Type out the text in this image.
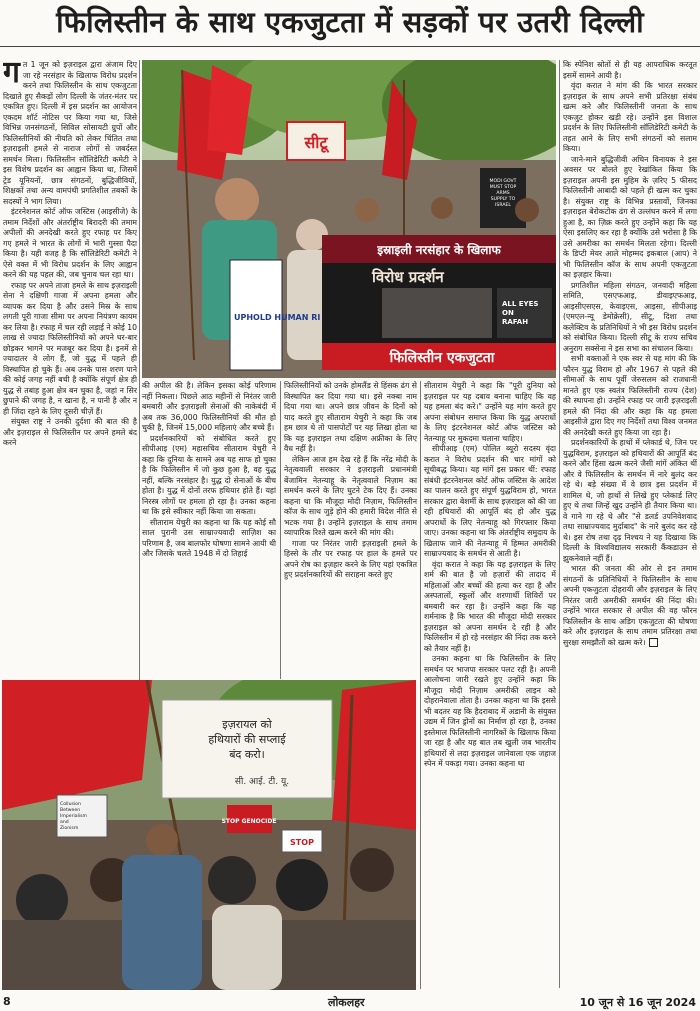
फिलिस्तीन के साथ एकजुटता में सड़कों पर उतरी दिल्ली

गत 1 जून को इज़राइल द्वारा अंजाम दिए जा रहे नरसंहार के खिलाफ विरोध प्रदर्शन करने तथा फिलिस्तीन के साथ एकजुटता दिखाते हुए सैकड़ों लोग दिल्ली के जंतर-मंतर पर एकत्रित हुए। दिल्ली में इस प्रदर्शन का आयोजन एकदम शॉर्ट नोटिस पर किया गया था, जिसे विभिन्न जनसंगठनों, सिविल सोसायटी ग्रुपों और फिलिस्तीनियों की नीयति को लेकर चिंतित तथा इज़राइली हमले से नाराज लोगों से जबर्दस्त समर्थन मिला। फिलिस्तीन सॉलिडेरिटी कमेटी ने इस विशेष प्रदर्शन का आह्वान किया था, जिसमें ट्रेड यूनियनों, छात्र संगठनों, बुद्धिजीवियों, शिक्षकों तथा अन्य वामपंथी प्रगतिशील तबकों के सदस्यों ने भाग लिया।

इंटरनेशनल कोर्ट ऑफ जस्टिस (आइसीजे) के तमाम निर्देशों और अंतर्राष्ट्रीय बिरादरी की तमाम अपीलों की अनदेखी करते हुए रफाह पर किए गए हमले ने भारत के लोगों में भारी गुस्सा पैदा किया है। यही वजह है कि सॉलिडेरिटी कमेटी ने ऐसे वक्त में भी विरोध प्रदर्शन के लिए आह्वान करने की यह पहल की, जब चुनाव चल रहा था।

रफाह पर अपने ताजा हमले के साथ इज़राइली सेना ने दक्षिणी गाजा में अपना हमला और व्यापक कर दिया है और उसने मिस्र के साथ लगती पूरी गाजा सीमा पर अपना नियंत्रण कायम कर लिया है। रफाह में चल रही लड़ाई ने कोई 10 लाख से ज्यादा फिलिस्तीनियों को अपने घर-बार छोड़कर भागने पर मजबूर कर दिया है। इनमें से ज्यादातर वे लोग हैं, जो युद्ध में पहले ही विस्थापित हो चुके हैं। अब उनके पास शरण पाने की कोई जगह नहीं बची है क्योंकि संपूर्ण क्षेत्र ही युद्ध से तबाह हुआ क्षेत्र बन चुका है, जहां न सिर छुपाने की जगह है, न खाना है, न पानी है और न ही जिंदा रहने के लिए दूसरी चीज़ें हैं।

संयुक्त राष्ट्र ने उनकी दुर्दशा की बात की है और इज़राइल से फिलिस्तीन पर अपने हमले बंद करने

सीटू
MODI GOVT MUST STOP ARMS SUPPLY TO ISRAEL
UPHOLD HUMAN RI
इस्राइली नरसंहार के खिलाफ
विरोध प्रदर्शन
ALL EYES ON RAFAH
फिलिस्तीन एकजुटता

की अपील की है। लेकिन इसका कोई परिणाम नहीं निकला। पिछले आठ महीनों से निरंतर जारी बमबारी और इज़राइली सेनाओं की नाकेबंदी में अब तक 36,000 फिलिस्तीनियों की मौत हो चुकी है, जिनमें 15,000 महिलाएं और बच्चे हैं।

प्रदर्शनकारियों को संबोधित करते हुए सीपीआइ (एम) महासचिव सीताराम येचुरी ने कहा कि दुनिया के सामने अब यह साफ हो चुका है कि फिलिस्तीन में जो कुछ हुआ है, वह युद्ध नहीं, बल्कि नरसंहार है। युद्ध दो सेनाओं के बीच होता है। युद्ध में दोनों तरफ हथियार होते हैं। यहां निरस्त्र लोगों पर हमला हो रहा है। उनका कहना था कि इसे स्वीकार नहीं किया जा सकता।

सीताराम येचुरी का कहना था कि यह कोई सौ साल पुरानी उस साम्राज्यवादी साज़िश का परिणाम है, जब बालफोर घोषणा सामने आयी थी और जिसके चलते 1948 में दो तिहाई

फिलिस्तीनियों को उनके होमलैंड से हिंसक ढंग से विस्थापित कर दिया गया था। इसे नक्बा नाम दिया गया था। अपने छात्र जीवन के दिनों को याद करते हुए सीताराम येचुरी ने कहा कि जब हम छात्र थे तो पासपोर्टों पर यह लिखा होता था कि यह इज़राइल तथा दक्षिण अफ्रीका के लिए वैध नहीं है।

लेकिन आज हम देख रहे हैं कि नरेंद्र मोदी के नेतृत्ववाली सरकार ने इज़राइली प्रधानमंत्री बेंजामिन नेतन्याहू के नेतृत्ववाले निज़ाम का समर्थन करने के लिए घुटने टेक दिए हैं। उनका कहना था कि मौजूदा मोदी निज़ाम, फिलिस्तीन कॉज के साथ जुड़े होने की हमारी विदेश नीति से भटक गया है। उन्होंने इज़राइल के साथ तमाम व्यापारिक रिश्ते खत्म करने की मांग की।

गाजा पर निरंतर जारी इज़राइली हमले के हिस्से के तौर पर रफाह पर हाल के हमले पर अपने रोष का इज़हार करने के लिए यहां एकत्रित हुए प्रदर्शनकारियों की सराहना करते हुए

सीताराम येचुरी ने कहा कि "पूरी दुनिया को इज़राइल पर यह दबाव बनाना चाहिए कि वह यह हमला बंद करे।" उन्होंने यह मांग करते हुए अपना संबोधन समाप्त किया कि युद्ध अपराधों के लिए इंटरनेशनल कोर्ट ऑफ जस्टिस को नेतन्याहू पर मुकदमा चलाना चाहिए।

सीपीआइ (एम) पोलित ब्यूरो सदस्य वृंदा करात ने विरोध प्रदर्शन की चार मांगों को सूचीबद्ध किया। यह मांगें इस प्रकार थीं: रफाह संबंधी इंटरनेशनल कोर्ट ऑफ जस्टिस के आदेश का पालन करते हुए संपूर्ण युद्धविराम हो, भारत सरकार द्वारा बेशर्मी के साथ इज़राइल को की जा रही हथियारों की आपूर्ति बंद हो और युद्ध अपराधों के लिए नेतन्याहू को गिरफ्तार किया जाए। उनका कहना था कि अंतर्राष्ट्रीय समुदाय के खिलाफ जाने की नेतन्याहू में हिम्मत अमरीकी साम्राज्यवाद के समर्थन से आती है।

वृंदा करात ने कहा कि यह इज़राइल के लिए शर्म की बात है जो हज़ारों की तादाद में महिलाओं और बच्चों की हत्या कर रहा है और अस्पतालों, स्कूलों और शरणार्थी शिविरों पर बमबारी कर रहा है। उन्होंने कहा कि यह शर्मनाक है कि भारत की मौजूदा मोदी सरकार इज़राइल को अपना समर्थन दे रही है और फिलिस्तीन में हो रहे नरसंहार की निंदा तक करने को तैयार नहीं है।

उनका कहना था कि फिलिस्तीन के लिए समर्थन पर भाजपा सरकार पलट रही है। अपनी आलोचना जारी रखते हुए उन्होंने कहा कि मौजूदा मोदी निज़ाम अमरीकी लाइन को दोहरानेवाला तोता है। उनका कहना था कि इससे भी बदतर यह कि हैदराबाद में अडानी के संयुक्त उद्यम में जिन ड्रोनों का निर्माण हो रहा है, उनका इस्तेमाल फिलिस्तीनी नागरिकों के खिलाफ किया जा रहा है और यह बात तब खुली जब भारतीय हथियारों से लदा इज़राइल जानेवाला एक जहाज स्पेन में पकड़ा गया। उनका कहना था

कि स्पेनिश स्रोतों से ही यह आपराधिक करतूत इसमें सामने आयी है।

वृंदा करात ने मांग की कि भारत सरकार इज़राइल के साथ अपने सभी प्रतिरक्षा संबंध खत्म करे और फिलिस्तीनी जनता के साथ एकजुट होकर खड़ी रहे। उन्होंने इस विशाल प्रदर्शन के लिए फिलिस्तीनी सॉलिडेरिटी कमेटी के तहत आने के लिए सभी संगठनों को सलाम किया।

जाने-माने बुद्धिजीवी अचिन विनायक ने इस अवसर पर बोलते हुए रेखांकित किया कि इज़राइल अपनी इस मुहिम के ज़रिए 5 फीसद फिलिस्तीनी आबादी को पहले ही खत्म कर चुका है। संयुक्त राष्ट्र के विभिन्न प्रस्तावों, जिनका इज़राइल बेरोकटोक ढंग से उल्लंघन करने में लगा हुआ है, का ज़िक्र करते हुए उन्होंने कहा कि यह ऐसा इसलिए कर रहा है क्योंकि उसे भरोसा है कि उसे अमरीका का समर्थन मिलता रहेगा। दिल्ली के डिप्टी मेयर आले मोहम्मद इकबाल (आप) ने भी फिलिस्तीन कॉज के साथ अपनी एकजुटता का इज़हार किया।

प्रगतिशील महिला संगठन, जनवादी महिला समिति, एसएफआइ, डीवाइएफआइ, आइसीएसएस, केवाइएस, आइसा, सीपीआइ (एमएल-न्यू डेमोक्रेसी), सीटू, दिशा तथा कलेक्टिव के प्रतिनिधियों ने भी इस विरोध प्रदर्शन को संबोधित किया। दिल्ली सीटू के राज्य सचिव अनुराग सक्सेना ने इस सभा का संचालन किया।

सभी वक्ताओं ने एक स्वर से यह मांग की कि फौरन युद्ध विराम हो और 1967 से पहले की सीमाओं के साथ पूर्वी जेरुसलम को राजधानी मानते हुए एक स्वतंत्र फिलिस्तीनी राज्य (देश) की स्थापना हो। उन्होंने रफाह पर जारी इज़राइली हमले की निंदा की और कहा कि यह हमला आइसीजे द्वारा दिए गए निर्देशों तथा विश्व जनमत की अनदेखी करते हुए किया जा रहा है।

प्रदर्शनकारियों के हाथों में प्लेकार्ड थे, जिन पर युद्धविराम, इज़राइल को हथियारों की आपूर्ति बंद करने और हिंसा खत्म करने जैसी मांगें अंकित थीं और वे फिलिस्तीन के समर्थन में नारे बुलंद कर रहे थे। बड़े संख्या में वे छात्र इस प्रदर्शन में शामिल थे, जो हाथों से लिखे हुए प्लेकार्ड लिए हुए थे तथा जिन्हें खुद उन्होंने ही तैयार किया था। वे गाने गा रहे थे और "से डलर्ड उपनिवेशवाद तथा साम्राज्यवाद मुर्दाबाद" के नारे बुलंद कर रहे थे। इस रोष तथा दृढ़ निश्चय ने यह दिखाया कि दिल्ली के विश्वविद्यालय सरकारी कैंकडाउन से झुकनेवाले नहीं हैं।

भारत की जनता की ओर से इन तमाम संगठनों के प्रतिनिधियों ने फिलिस्तीन के साथ अपनी एकजुटता दोहरायी और इज़राइल के लिए निरंतर जारी अमरीकी समर्थन की निंदा की। उन्होंने भारत सरकार से अपील की वह फौरन फिलिस्तीन के साथ अडिग एकजुटता की घोषणा करे और इज़राइल के साथ तमाम प्रतिरक्षा तथा सुरक्षा समझौतों को खत्म करे।

इज़रायल को
हथियारों की सप्लाई
बंद करो।
सी. आई. टी. यू.
Collusion Between Imperialism and Zionism
STOP GENOCIDE
STOP
8	लोकलहर	10 जून से 16 जून 2024
